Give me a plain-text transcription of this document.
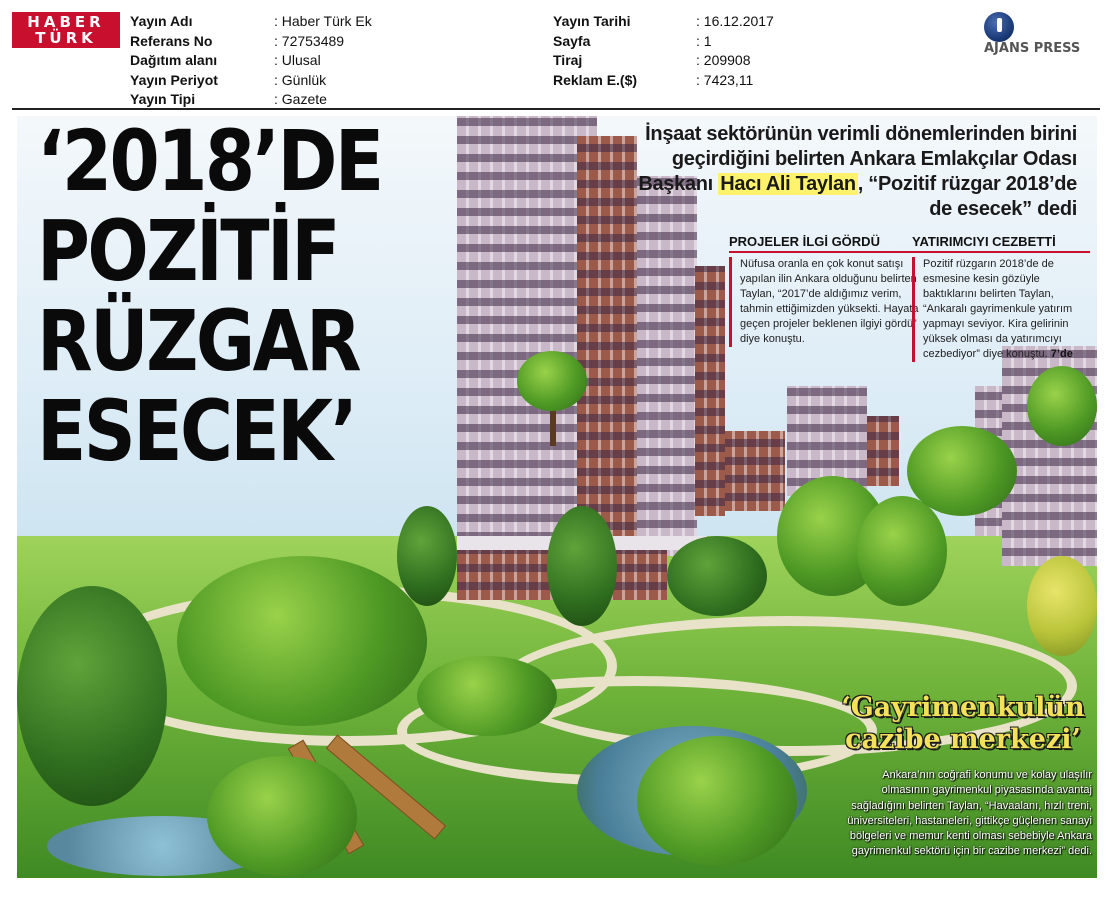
HABER
TÜRK
Yayın Adı	: Haber Türk Ek
Referans No	: 72753489
Dağıtım alanı	: Ulusal
Yayın Periyot	: Günlük
Yayın Tipi	: Gazete
Yayın Tarihi	: 16.12.2017
Sayfa	: 1
Tiraj	: 209908
Reklam E.($)	: 7423,11
AJANS PRESS
‘2018’DE
POZİTİF
RÜZGAR
ESECEK’
İnşaat sektörünün verimli dönemlerinden birini geçirdiğini belirten Ankara Emlakçılar Odası Başkanı Hacı Ali Taylan , “Pozitif rüzgar 2018’de de esecek” dedi
PROJELER İLGİ GÖRDÜ
Nüfusa oranla en çok konut satışı yapılan ilin Ankara olduğunu belirten Taylan, “2017’de aldığımız verim, tahmin ettiğimizden yüksekti. Hayata geçen projeler beklenen ilgiyi gördü” diye konuştu.
YATIRIMCIYI CEZBETTİ
Pozitif rüzgarın 2018’de de esmesine kesin gözüyle baktıklarını belirten Taylan, “Ankaralı gayrimenkule yatırım yapmayı seviyor. Kira gelirinin yüksek olması da yatırımcıyı cezbediyor” diye konuştu. 7’de
‘Gayrimenkulün
cazibe merkezi’
Ankara’nın coğrafi konumu ve kolay ulaşılır olmasının gayrimenkul piyasasında avantaj sağladığını belirten Taylan, “Havaalanı, hızlı treni, üniversiteleri, hastaneleri, gittikçe güçlenen sanayi bölgeleri ve memur kenti olması sebebiyle Ankara gayrimenkul sektörü için bir cazibe merkezi” dedi.
